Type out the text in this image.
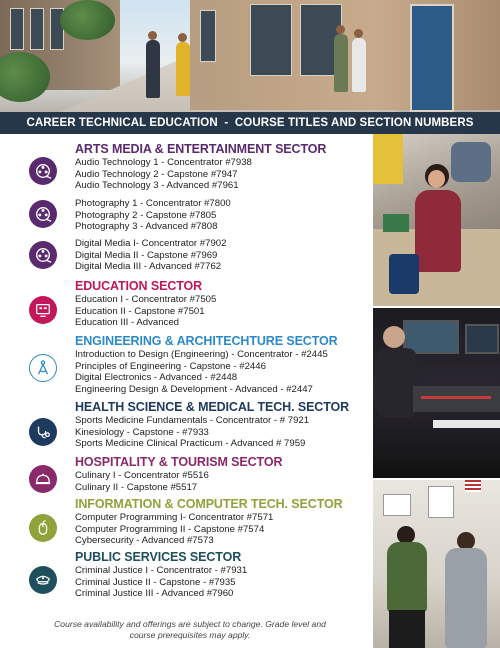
CAREER TECHNICAL EDUCATION  -  COURSE TITLES AND SECTION NUMBERS
ARTS MEDIA & ENTERTAINMENT SECTOR
Audio Technology 1 - Concentrator #7938
Audio Technology 2 - Capstone #7947
Audio Technology 3 - Advanced #7961
Photography 1 - Concentrator #7800
Photography 2 - Capstone #7805
Photography 3 - Advanced #7808
Digital Media I- Concentrator #7902
Digital Media II - Capstone #7969
Digital Media III - Advanced #7762
EDUCATION SECTOR
Education I - Concentrator #7505
Education II - Capstone #7501
Education III - Advanced
ENGINEERING & ARCHITECHTURE SECTOR
Introduction to Design (Engineering) - Concentrator - #2445
Principles of Engineering - Capstone - #2446
Digital Electronics - Advanced - #2448
Engineering Design & Development - Advanced - #2447
HEALTH SCIENCE & MEDICAL TECH. SECTOR
Sports Medicine Fundamentals - Concentrator - # 7921
Kinesiology - Capstone - #7933
Sports Medicine Clinical Practicum - Advanced # 7959
HOSPITALITY & TOURISM SECTOR
Culinary I - Concentrator #5516
Culinary II - Capstone #5517
INFORMATION & COMPUTER TECH. SECTOR
Computer Programming I- Concentrator #7571
Computer Programming II - Capstone #7574
Cybersecurity - Advanced #7573
PUBLIC SERVICES SECTOR
Criminal Justice I - Concentrator - #7931
Criminal Justice II - Capstone - #7935
Criminal Justice III - Advanced #7960
Course availability and offerings are subject to change. Grade level and
course prerequisites may apply.
